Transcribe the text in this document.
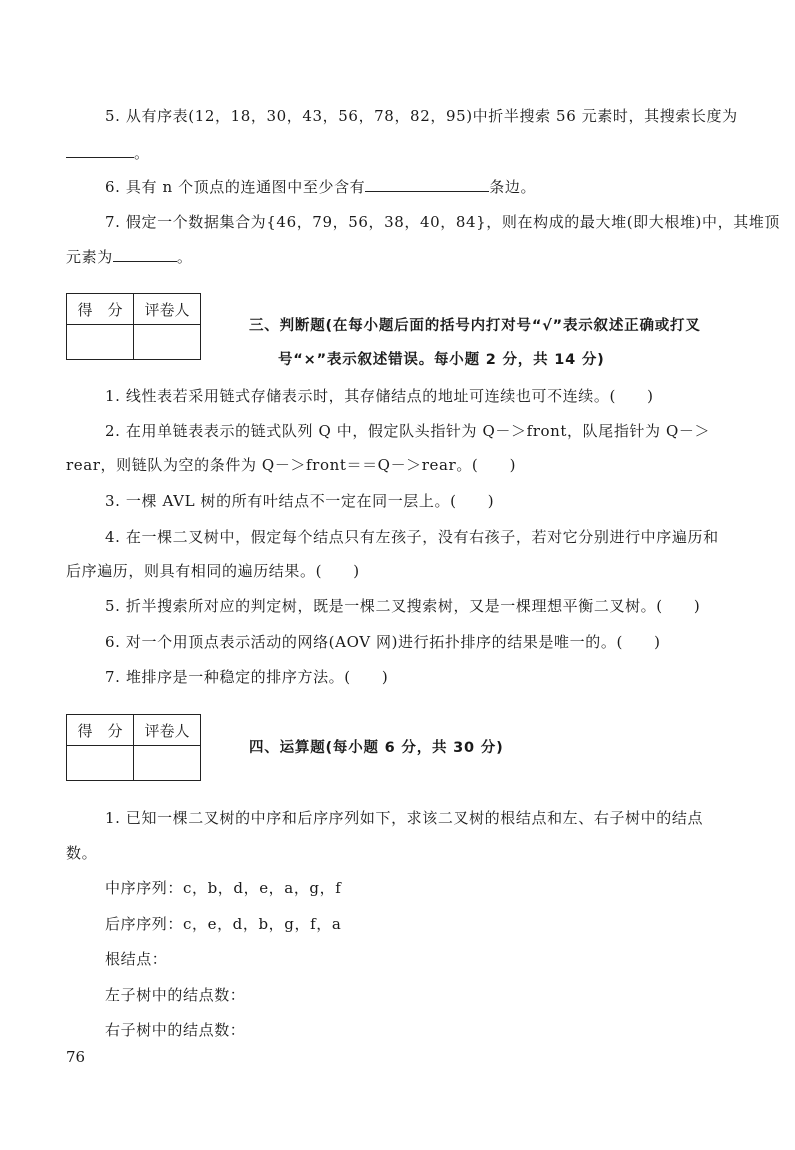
5. 从有序表(12，18，30，43，56，78，82，95)中折半搜索 56 元素时，其搜索长度为
。
6. 具有 n 个顶点的连通图中至少含有	条边。
7. 假定一个数据集合为{46，79，56，38，40，84}，则在构成的最大堆(即大根堆)中，其堆顶
元素为	。
得　分	评卷人

三、判断题(在每小题后面的括号内打对号“√”表示叙述正确或打叉
号“×”表示叙述错误。每小题 2 分，共 14 分)
1. 线性表若采用链式存储表示时，其存储结点的地址可连续也可不连续。(　　)
2. 在用单链表表示的链式队列 Q 中，假定队头指针为 Q－＞front，队尾指针为 Q－＞
rear，则链队为空的条件为 Q－＞front＝＝Q－＞rear。(　　)
3. 一棵 AVL 树的所有叶结点不一定在同一层上。(　　)
4. 在一棵二叉树中，假定每个结点只有左孩子，没有右孩子，若对它分别进行中序遍历和
后序遍历，则具有相同的遍历结果。(　　)
5. 折半搜索所对应的判定树，既是一棵二叉搜索树，又是一棵理想平衡二叉树。(　　)
6. 对一个用顶点表示活动的网络(AOV 网)进行拓扑排序的结果是唯一的。(　　)
7. 堆排序是一种稳定的排序方法。(　　)
得　分	评卷人

四、运算题(每小题 6 分，共 30 分)
1. 已知一棵二叉树的中序和后序序列如下，求该二叉树的根结点和左、右子树中的结点
数。
中序序列：c，b，d，e，a，g，f
后序序列：c，e，d，b，g，f，a
根结点：
左子树中的结点数：
右子树中的结点数：
76
